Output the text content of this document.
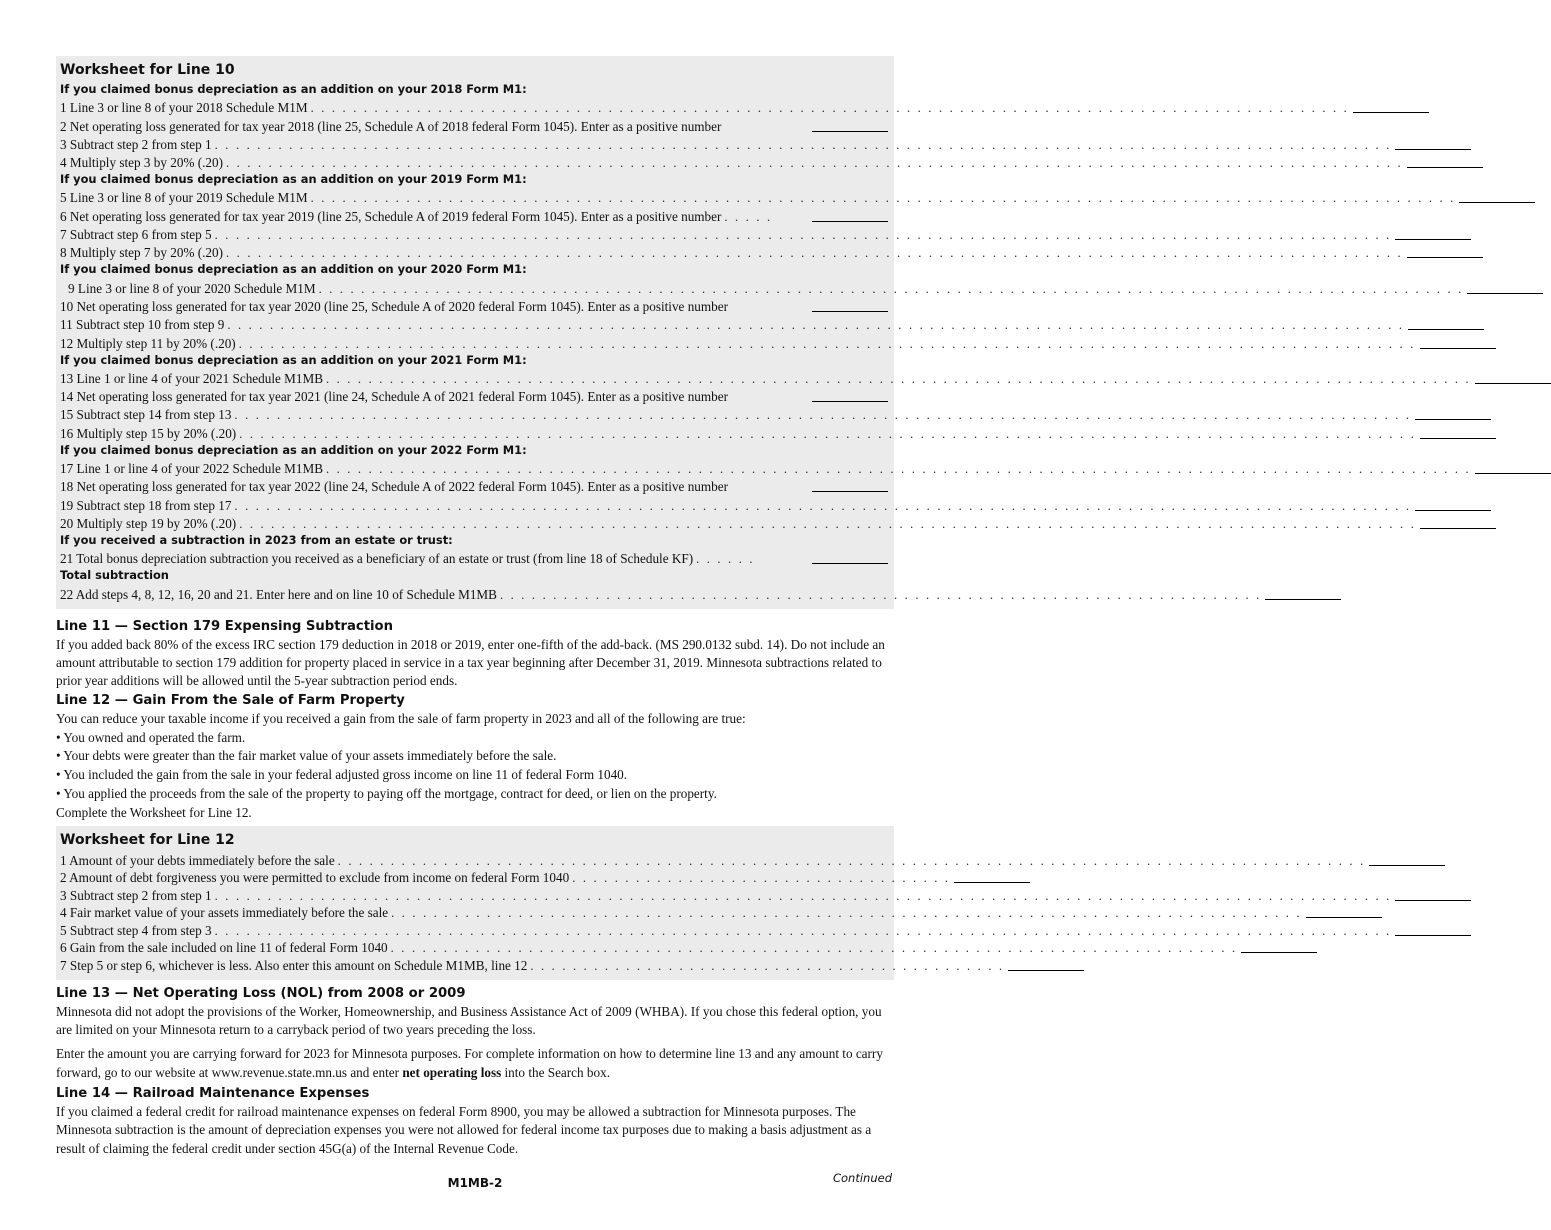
Worksheet for Line 10
If you claimed bonus depreciation as an addition on your 2018 Form M1:
1 Line 3 or line 8 of your 2018 Schedule M1M . . . . . . . . . . . . . . . . . . . . . . . . . . . . . . . . . . . . . . . . . . . . . . . . . . . . . . . . . . . . . . . . . . . . . . . . . . . . . . . . . . . . . . . . . . . . . . . . . .
2 Net operating loss generated for tax year 2018 (line 25, Schedule A of 2018 federal Form 1045). Enter as a positive number
3 Subtract step 2 from step 1 . . . . . . . . . . . . . . . . . . . . . . . . . . . . . . . . . . . . . . . . . . . . . . . . . . . . . . . . . . . . . . . . . . . . . . . . . . . . . . . . . . . . . . . . . . . . . . . . . . . . . . . . . . . . . . .
4 Multiply step 3 by 20% (.20) . . . . . . . . . . . . . . . . . . . . . . . . . . . . . . . . . . . . . . . . . . . . . . . . . . . . . . . . . . . . . . . . . . . . . . . . . . . . . . . . . . . . . . . . . . . . . . . . . . . . . . . . . . . . . . .
If you claimed bonus depreciation as an addition on your 2019 Form M1:
5 Line 3 or line 8 of your 2019 Schedule M1M . . . . . . . . . . . . . . . . . . . . . . . . . . . . . . . . . . . . . . . . . . . . . . . . . . . . . . . . . . . . . . . . . . . . . . . . . . . . . . . . . . . . . . . . . . . . . . . . . . . . . . . . . . . .
6 Net operating loss generated for tax year 2019 (line 25, Schedule A of 2019 federal Form 1045). Enter as a positive number . . . . .
7 Subtract step 6 from step 5 . . . . . . . . . . . . . . . . . . . . . . . . . . . . . . . . . . . . . . . . . . . . . . . . . . . . . . . . . . . . . . . . . . . . . . . . . . . . . . . . . . . . . . . . . . . . . . . . . . . . . . . . . . . . . . .
8 Multiply step 7 by 20% (.20) . . . . . . . . . . . . . . . . . . . . . . . . . . . . . . . . . . . . . . . . . . . . . . . . . . . . . . . . . . . . . . . . . . . . . . . . . . . . . . . . . . . . . . . . . . . . . . . . . . . . . . . . . . . . . . .
If you claimed bonus depreciation as an addition on your 2020 Form M1:
9 Line 3 or line 8 of your 2020 Schedule M1M . . . . . . . . . . . . . . . . . . . . . . . . . . . . . . . . . . . . . . . . . . . . . . . . . . . . . . . . . . . . . . . . . . . . . . . . . . . . . . . . . . . . . . . . . . . . . . . . . . . . . . . . . . . .
10 Net operating loss generated for tax year 2020 (line 25, Schedule A of 2020 federal Form 1045). Enter as a positive number
11 Subtract step 10 from step 9 . . . . . . . . . . . . . . . . . . . . . . . . . . . . . . . . . . . . . . . . . . . . . . . . . . . . . . . . . . . . . . . . . . . . . . . . . . . . . . . . . . . . . . . . . . . . . . . . . . . . . . . . . . . . . . .
12 Multiply step 11 by 20% (.20) . . . . . . . . . . . . . . . . . . . . . . . . . . . . . . . . . . . . . . . . . . . . . . . . . . . . . . . . . . . . . . . . . . . . . . . . . . . . . . . . . . . . . . . . . . . . . . . . . . . . . . . . . . . . . . .
If you claimed bonus depreciation as an addition on your 2021 Form M1:
13 Line 1 or line 4 of your 2021 Schedule M1MB . . . . . . . . . . . . . . . . . . . . . . . . . . . . . . . . . . . . . . . . . . . . . . . . . . . . . . . . . . . . . . . . . . . . . . . . . . . . . . . . . . . . . . . . . . . . . . . . . . . . . . . . . . . .
14 Net operating loss generated for tax year 2021 (line 24, Schedule A of 2021 federal Form 1045). Enter as a positive number
15 Subtract step 14 from step 13 . . . . . . . . . . . . . . . . . . . . . . . . . . . . . . . . . . . . . . . . . . . . . . . . . . . . . . . . . . . . . . . . . . . . . . . . . . . . . . . . . . . . . . . . . . . . . . . . . . . . . . . . . . . . . . .
16 Multiply step 15 by 20% (.20) . . . . . . . . . . . . . . . . . . . . . . . . . . . . . . . . . . . . . . . . . . . . . . . . . . . . . . . . . . . . . . . . . . . . . . . . . . . . . . . . . . . . . . . . . . . . . . . . . . . . . . . . . . . . . . .
If you claimed bonus depreciation as an addition on your 2022 Form M1:
17 Line 1 or line 4 of your 2022 Schedule M1MB . . . . . . . . . . . . . . . . . . . . . . . . . . . . . . . . . . . . . . . . . . . . . . . . . . . . . . . . . . . . . . . . . . . . . . . . . . . . . . . . . . . . . . . . . . . . . . . . . . . . . . . . . . . .
18 Net operating loss generated for tax year 2022 (line 24, Schedule A of 2022 federal Form 1045). Enter as a positive number
19 Subtract step 18 from step 17 . . . . . . . . . . . . . . . . . . . . . . . . . . . . . . . . . . . . . . . . . . . . . . . . . . . . . . . . . . . . . . . . . . . . . . . . . . . . . . . . . . . . . . . . . . . . . . . . . . . . . . . . . . . . . . .
20 Multiply step 19 by 20% (.20) . . . . . . . . . . . . . . . . . . . . . . . . . . . . . . . . . . . . . . . . . . . . . . . . . . . . . . . . . . . . . . . . . . . . . . . . . . . . . . . . . . . . . . . . . . . . . . . . . . . . . . . . . . . . . . .
If you received a subtraction in 2023 from an estate or trust:
21 Total bonus depreciation subtraction you received as a beneficiary of an estate or trust (from line 18 of Schedule KF) . . . . . .
Total subtraction
22 Add steps 4, 8, 12, 16, 20 and 21. Enter here and on line 10 of Schedule M1MB . . . . . . . . . . . . . . . . . . . . . . . . . . . . . . . . . . . . . . . . . . . . . . . . . . . . . . . . . . . . . . . . . . . . . . . .
Line 11 — Section 179 Expensing Subtraction

If you added back 80% of the excess IRC section 179 deduction in 2018 or 2019, enter one-fifth of the add-back. (MS 290.0132 subd. 14). Do not include an amount attributable to section 179 addition for property placed in service in a tax year beginning after December 31, 2019. Minnesota subtractions related to prior year additions will be allowed until the 5-year subtraction period ends.

Line 12 — Gain From the Sale of Farm Property

You can reduce your taxable income if you received a gain from the sale of farm property in 2023 and all of the following are true:

• You owned and operated the farm.
• Your debts were greater than the fair market value of your assets immediately before the sale.
• You included the gain from the sale in your federal adjusted gross income on line 11 of federal Form 1040.
• You applied the proceeds from the sale of the property to paying off the mortgage, contract for deed, or lien on the property.

Complete the Worksheet for Line 12.

Worksheet for Line 12
1 Amount of your debts immediately before the sale . . . . . . . . . . . . . . . . . . . . . . . . . . . . . . . . . . . . . . . . . . . . . . . . . . . . . . . . . . . . . . . . . . . . . . . . . . . . . . . . . . . . . . . . . . . . . . . . .
2 Amount of debt forgiveness you were permitted to exclude from income on federal Form 1040 . . . . . . . . . . . . . . . . . . . . . . . . . . . . . . . . . . . .
3 Subtract step 2 from step 1 . . . . . . . . . . . . . . . . . . . . . . . . . . . . . . . . . . . . . . . . . . . . . . . . . . . . . . . . . . . . . . . . . . . . . . . . . . . . . . . . . . . . . . . . . . . . . . . . . . . . . . . . . . . . . . .
4 Fair market value of your assets immediately before the sale . . . . . . . . . . . . . . . . . . . . . . . . . . . . . . . . . . . . . . . . . . . . . . . . . . . . . . . . . . . . . . . . . . . . . . . . . . . . . . . . . . . . . .
5 Subtract step 4 from step 3 . . . . . . . . . . . . . . . . . . . . . . . . . . . . . . . . . . . . . . . . . . . . . . . . . . . . . . . . . . . . . . . . . . . . . . . . . . . . . . . . . . . . . . . . . . . . . . . . . . . . . . . . . . . . . . .
6 Gain from the sale included on line 11 of federal Form 1040 . . . . . . . . . . . . . . . . . . . . . . . . . . . . . . . . . . . . . . . . . . . . . . . . . . . . . . . . . . . . . . . . . . . . . . . . . . . . . . . .
7 Step 5 or step 6, whichever is less. Also enter this amount on Schedule M1MB, line 12 . . . . . . . . . . . . . . . . . . . . . . . . . . . . . . . . . . . . . . . . . . . . .
Line 13 — Net Operating Loss (NOL) from 2008 or 2009

Minnesota did not adopt the provisions of the Worker, Homeownership, and Business Assistance Act of 2009 (WHBA). If you chose this federal option, you are limited on your Minnesota return to a carryback period of two years preceding the loss.

Enter the amount you are carrying forward for 2023 for Minnesota purposes. For complete information on how to determine line 13 and any amount to carry forward, go to our website at www.revenue.state.mn.us and enter net operating loss into the Search box.

Line 14 — Railroad Maintenance Expenses

If you claimed a federal credit for railroad maintenance expenses on federal Form 8900, you may be allowed a subtraction for Minnesota purposes. The Minnesota subtraction is the amount of depreciation expenses you were not allowed for federal income tax purposes due to making a basis adjustment as a result of claiming the federal credit under section 45G(a) of the Internal Revenue Code.

Continued
M1MB-2
